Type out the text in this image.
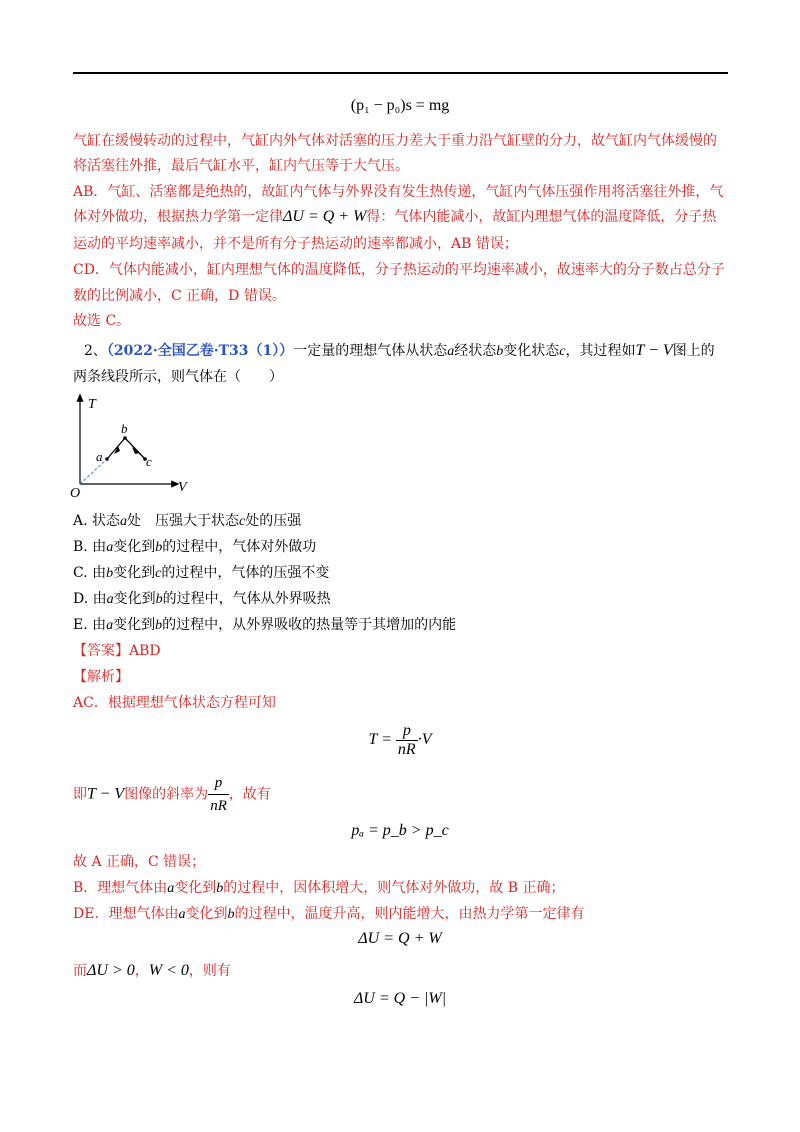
(p₁ − p₀)s = mg
气缸在缓慢转动的过程中，气缸内外气体对活塞的压力差大于重力沿气缸壁的分力，故气缸内气体缓慢的
将活塞往外推，最后气缸水平，缸内气压等于大气压。
AB．气缸、活塞都是绝热的，故缸内气体与外界没有发生热传递，气缸内气体压强作用将活塞往外推，气
体对外做功，根据热力学第一定律ΔU = Q + W得：气体内能减小，故缸内理想气体的温度降低，分子热
运动的平均速率减小，并不是所有分子热运动的速率都减小，AB 错误；
CD．气体内能减小，缸内理想气体的温度降低，分子热运动的平均速率减小，故速率大的分子数占总分子
数的比例减小，C 正确，D 错误。
故选 C。
2、（2022·全国乙卷·T33（1））一定量的理想气体从状态a经状态b变化状态c，其过程如T − V图上的
两条线段所示，则气体在（　　）
T
V
O
a
b
c
A. 状态a处　压强大于状态c处的压强
B. 由a变化到b的过程中，气体对外做功
C. 由b变化到c的过程中，气体的压强不变
D. 由a变化到b的过程中，气体从外界吸热
E. 由a变化到b的过程中，从外界吸收的热量等于其增加的内能
【答案】ABD
【解析】
AC．根据理想气体状态方程可知
$T = \frac{p}{nR} \cdot V$
即T − V图像的斜率为 $\frac{p}{nR}$ ，故有
pₐ = p_b > p_c
故 A 正确，C 错误；
B．理想气体由a变化到b的过程中，因体积增大，则气体对外做功，故 B 正确；
DE．理想气体由a变化到b的过程中，温度升高，则内能增大，由热力学第一定律有
ΔU = Q + W
而ΔU > 0，W < 0，则有
ΔU = Q − |W|
